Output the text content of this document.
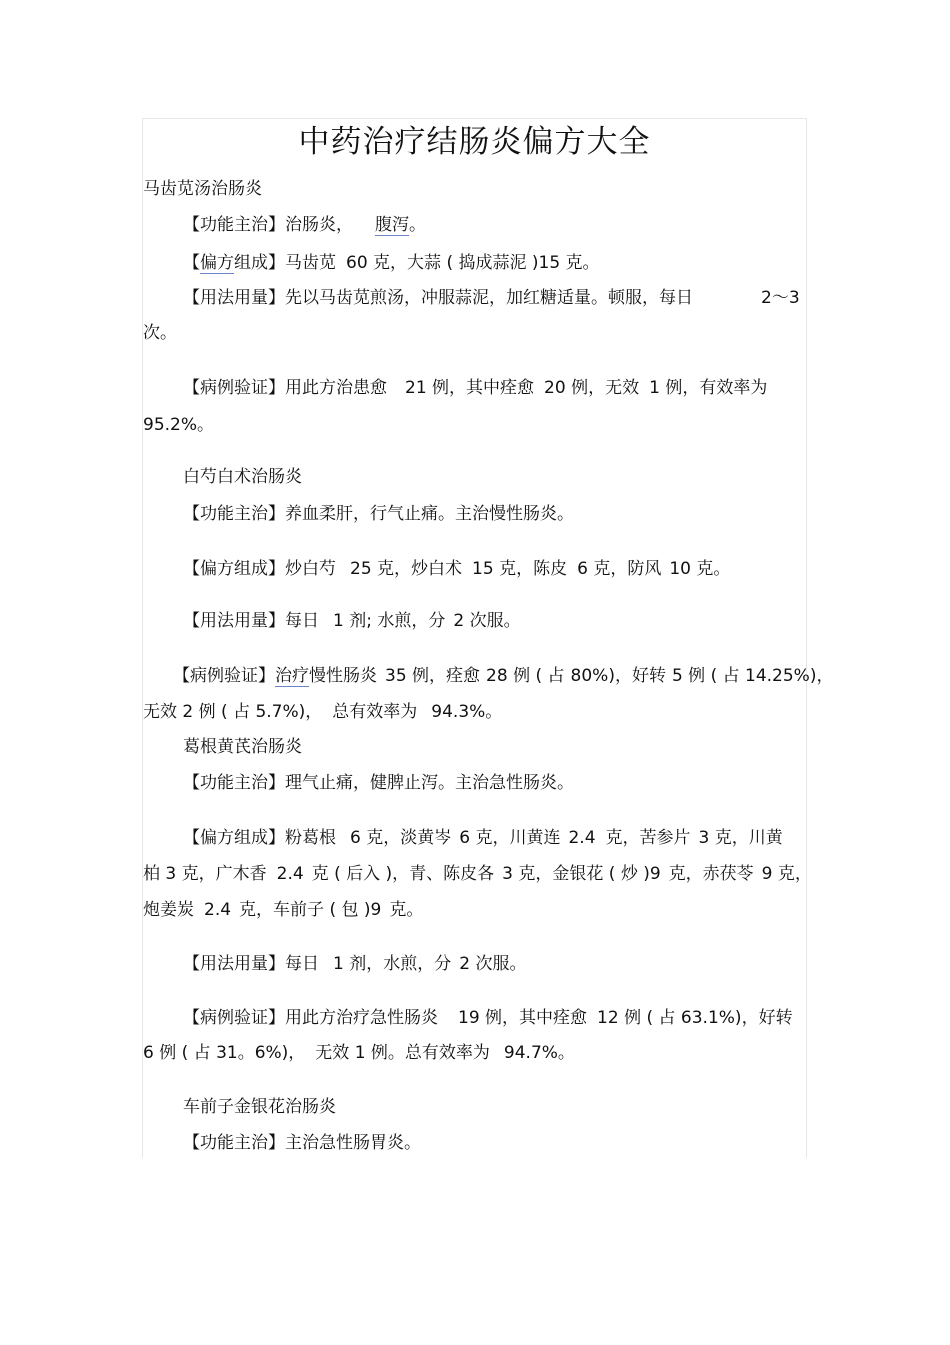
中药治疗结肠炎偏方大全
马齿苋汤治肠炎
【功能主治】治肠炎， 腹泻。
【偏方组成】马齿苋 60 克，大蒜 ( 捣成蒜泥 )15 克。
【用法用量】先以马齿苋煎汤，冲服蒜泥，加红糖适量。顿服，每日	2～3
次。
【病例验证】用此方治患愈 21 例，其中痊愈 20 例，无效 1 例，有效率为
95.2%。
白芍白术治肠炎
【功能主治】养血柔肝，行气止痛。主治慢性肠炎。
【偏方组成】炒白芍 25 克，炒白术 15 克，陈皮 6 克，防风 10 克。
【用法用量】每日 1 剂; 水煎，分 2 次服。
【病例验证】治疗慢性肠炎 35 例，痊愈 28 例 ( 占 80%)，好转 5 例 ( 占 14.25%)，
无效 2 例 ( 占 5.7%)， 总有效率为 94.3%。
葛根黄芪治肠炎
【功能主治】理气止痛，健脾止泻。主治急性肠炎。
【偏方组成】粉葛根 6 克，淡黄岑 6 克，川黄连 2.4 克，苦参片 3 克，川黄
柏 3 克，广木香 2.4 克 ( 后入 )，青、陈皮各 3 克，金银花 ( 炒 )9 克，赤茯苓 9 克，
炮姜炭 2.4 克，车前子 ( 包 )9 克。
【用法用量】每日 1 剂，水煎，分 2 次服。
【病例验证】用此方治疗急性肠炎 19 例，其中痊愈 12 例 ( 占 63.1%)，好转
6 例 ( 占 31。6%)， 无效 1 例。总有效率为 94.7%。
车前子金银花治肠炎
【功能主治】主治急性肠胃炎。
